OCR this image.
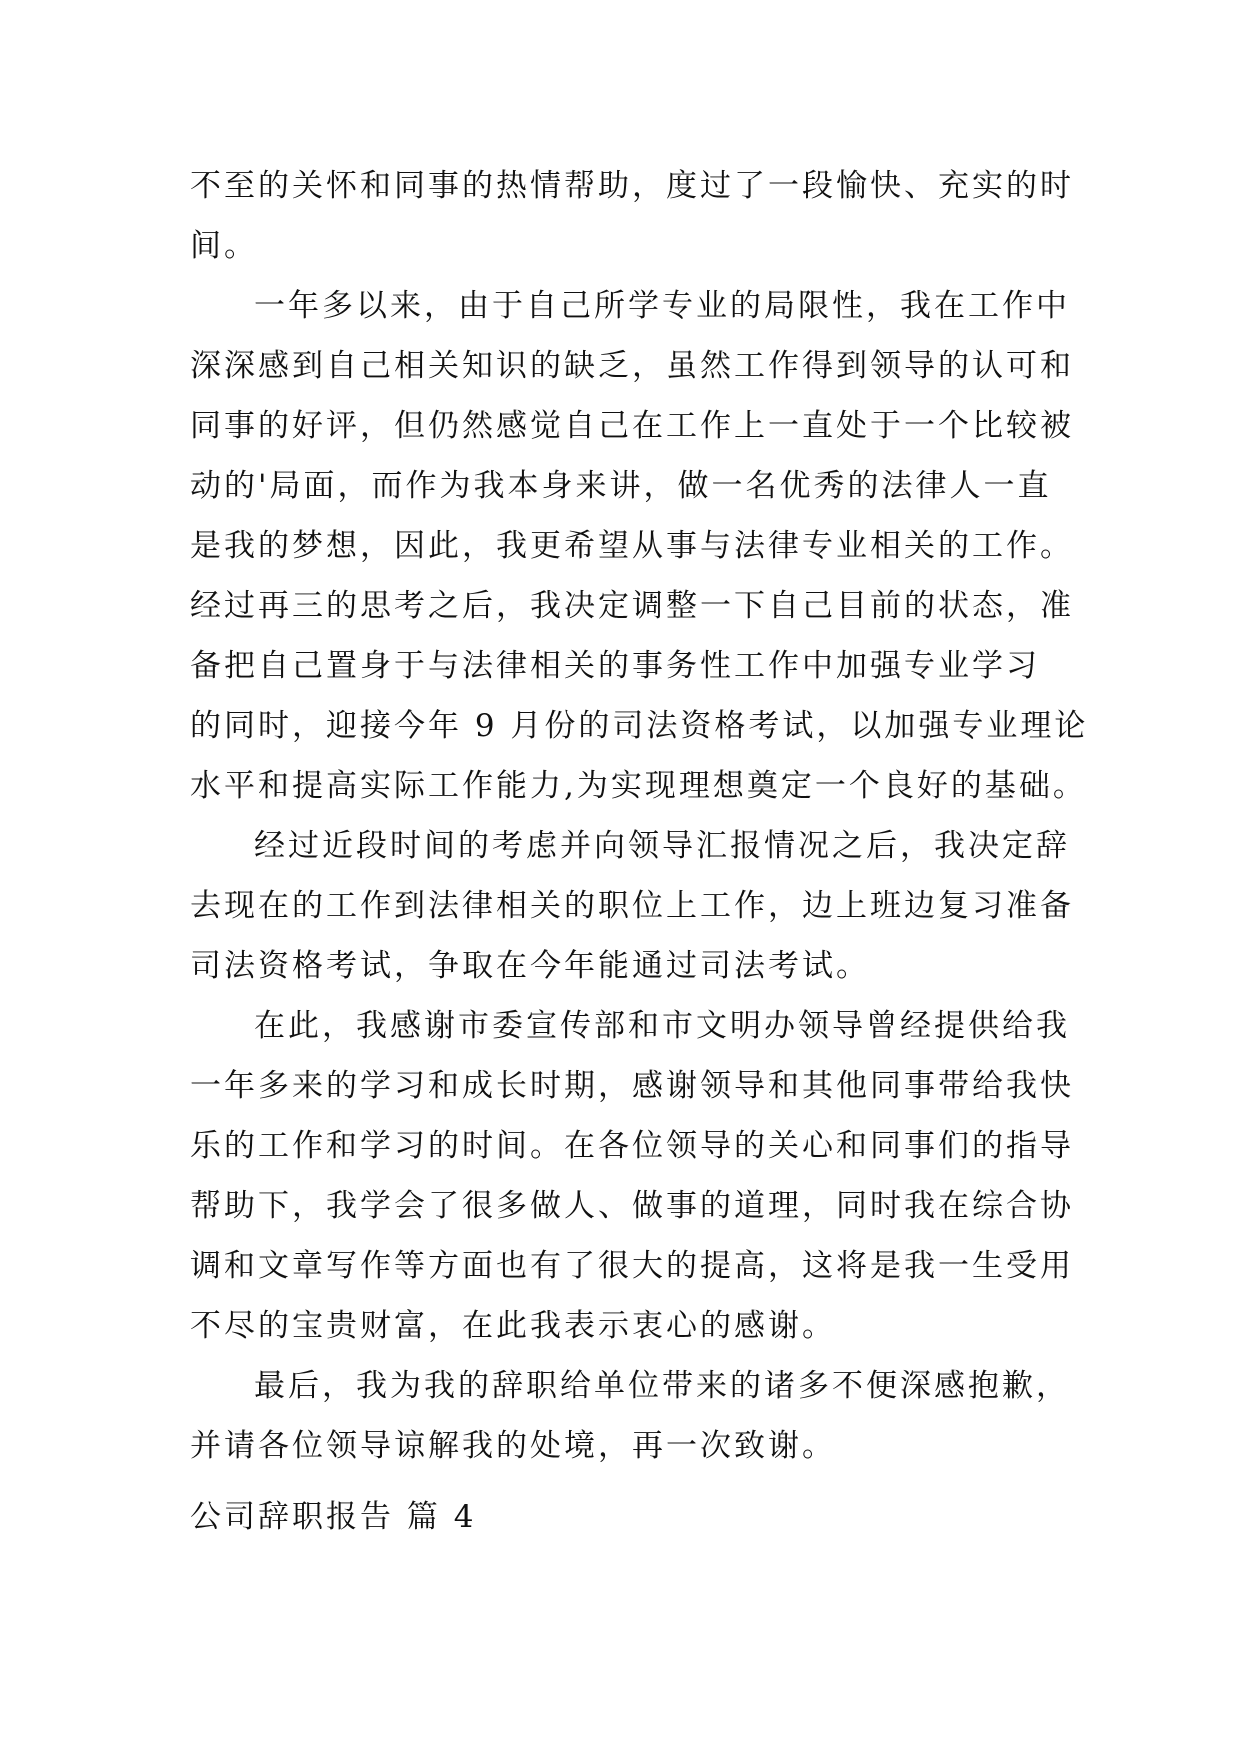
不至的关怀和同事的热情帮助，度过了一段愉快、充实的时
间。
一年多以来，由于自己所学专业的局限性，我在工作中
深深感到自己相关知识的缺乏，虽然工作得到领导的认可和
同事的好评，但仍然感觉自己在工作上一直处于一个比较被
动的'局面，而作为我本身来讲，做一名优秀的法律人一直
是我的梦想，因此，我更希望从事与法律专业相关的工作。
经过再三的思考之后，我决定调整一下自己目前的状态，准
备把自己置身于与法律相关的事务性工作中加强专业学习
的同时，迎接今年 9 月份的司法资格考试，以加强专业理论
水平和提高实际工作能力,为实现理想奠定一个良好的基础。
经过近段时间的考虑并向领导汇报情况之后，我决定辞
去现在的工作到法律相关的职位上工作，边上班边复习准备
司法资格考试，争取在今年能通过司法考试。
在此，我感谢市委宣传部和市文明办领导曾经提供给我
一年多来的学习和成长时期，感谢领导和其他同事带给我快
乐的工作和学习的时间。在各位领导的关心和同事们的指导
帮助下，我学会了很多做人、做事的道理，同时我在综合协
调和文章写作等方面也有了很大的提高，这将是我一生受用
不尽的宝贵财富，在此我表示衷心的感谢。
最后，我为我的辞职给单位带来的诸多不便深感抱歉，
并请各位领导谅解我的处境，再一次致谢。
公司辞职报告 篇 4
